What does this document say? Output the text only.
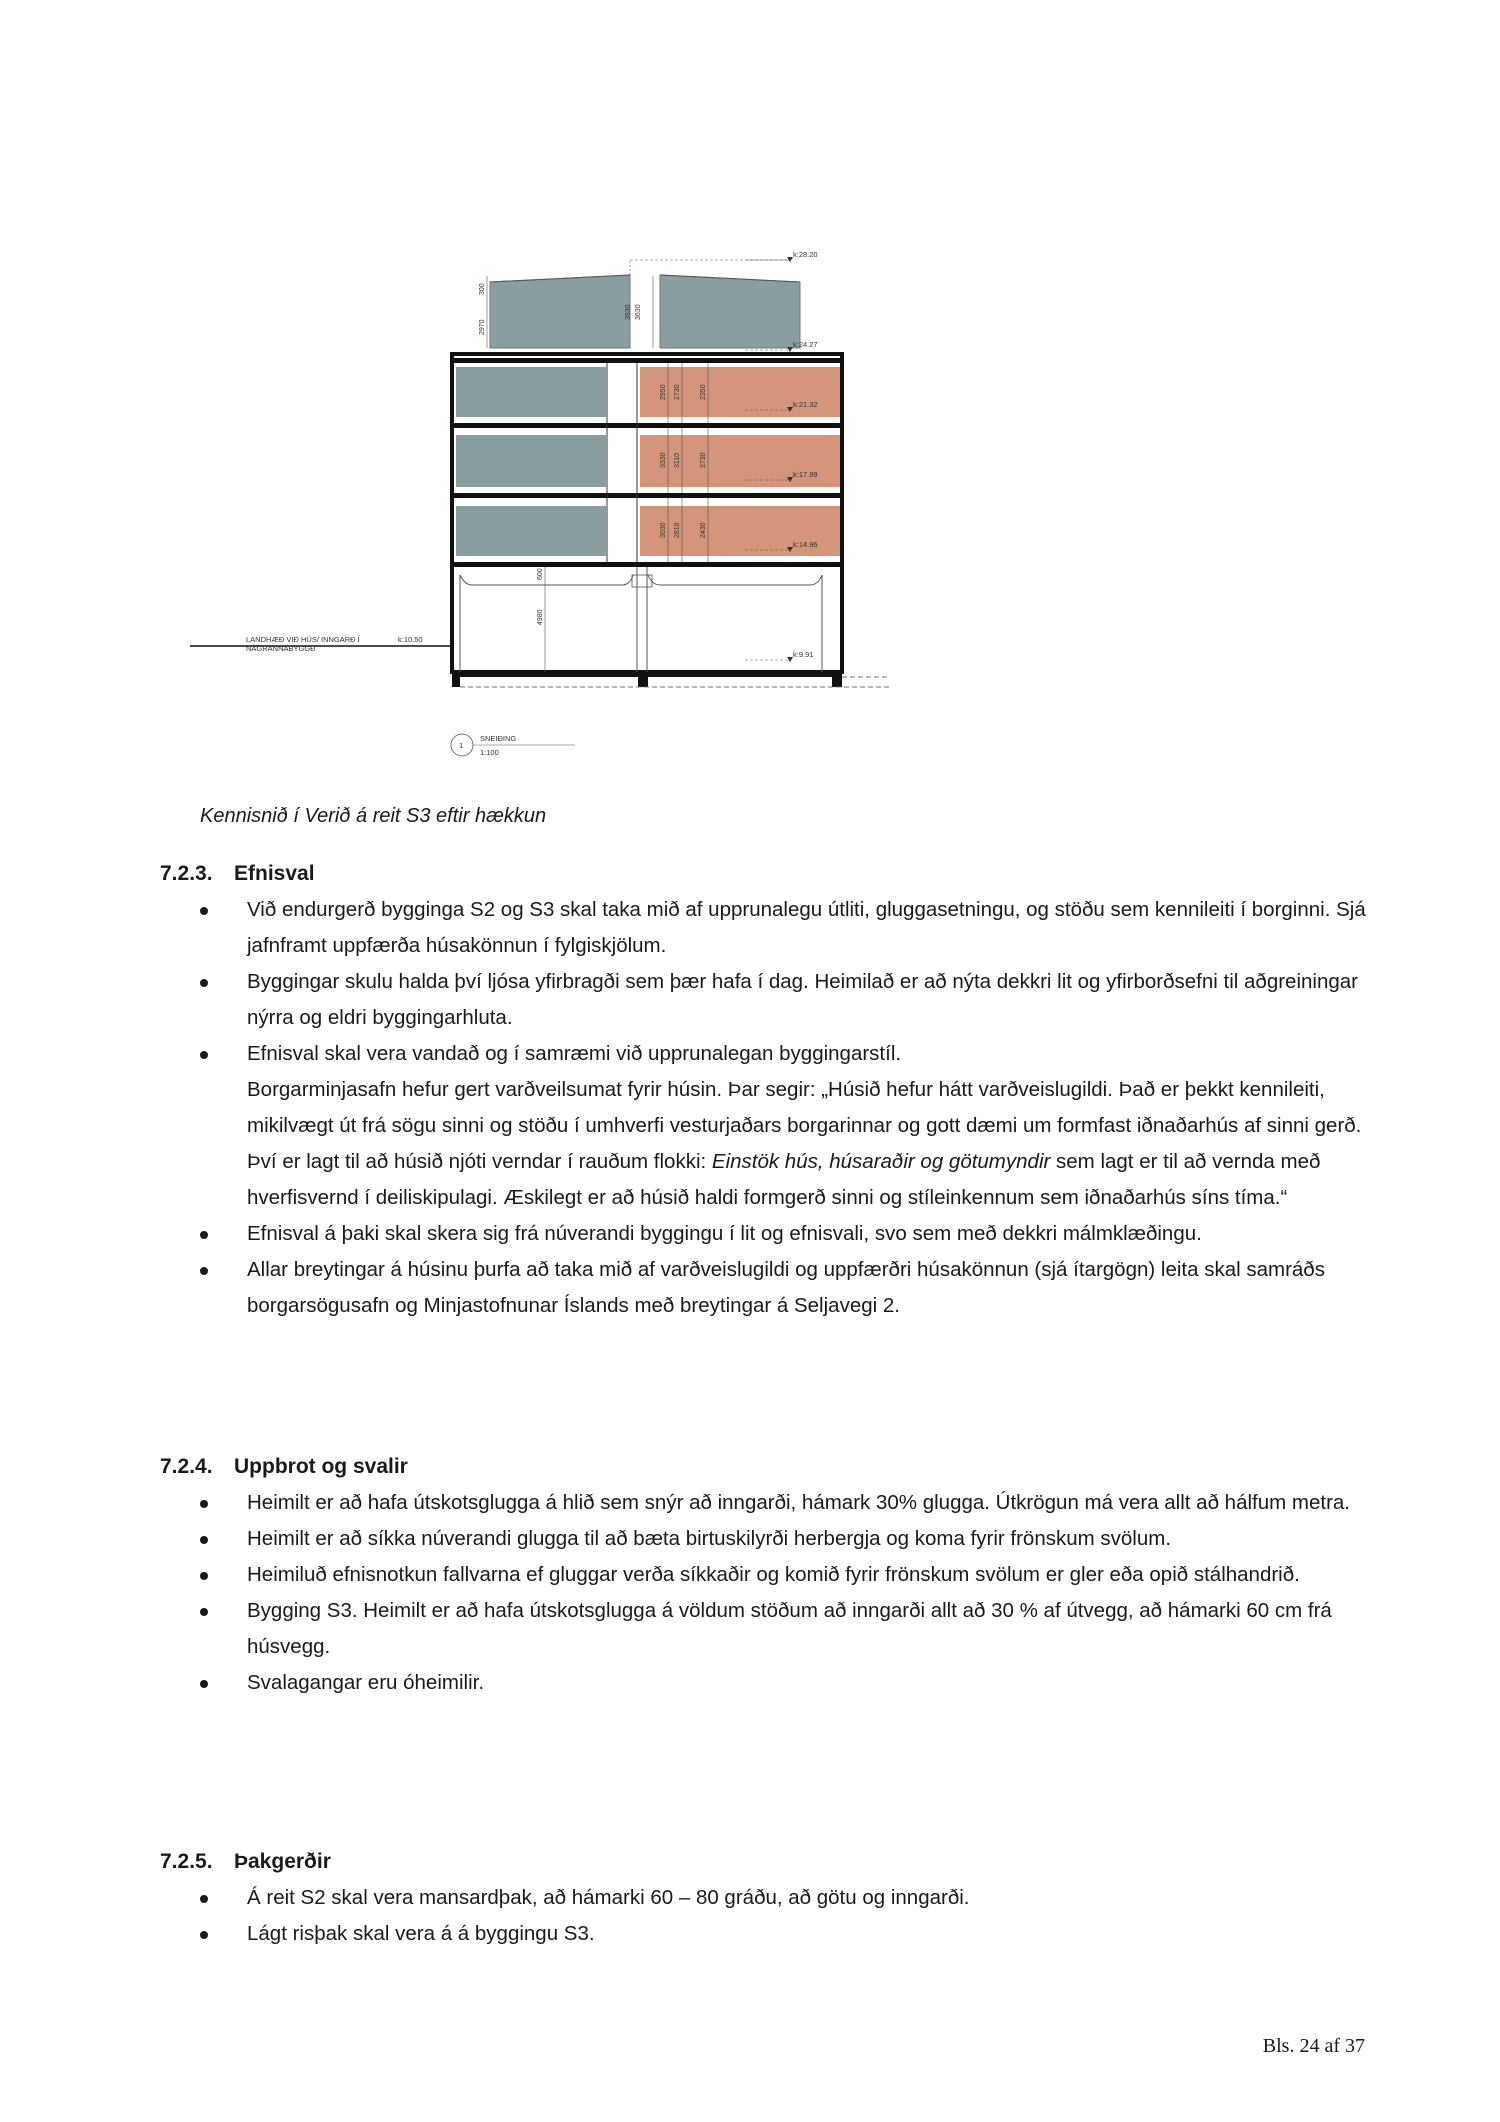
300
2970
3930 3630
2950 2730	2350
3330 3110	2730
3030 2810	2430
600
4980
k:28.20
k:24.27
k:21.32
k:17.99
k:14.96
k:9.91
LANDHÆÐ VIÐ HÚS/ INNGARÐ Í	k:10.50
NÁGRANNABYGGÐ
1
SNEIÐING
1:100
Kennisnið í Verið á reit S3 eftir hækkun
7.2.3. Efnisval
Við endurgerð bygginga S2 og S3 skal taka mið af upprunalegu útliti, gluggasetningu, og stöðu sem kennileiti í borginni. Sjá jafnframt uppfærða húsakönnun í fylgiskjölum.
Byggingar skulu halda því ljósa yfirbragði sem þær hafa í dag. Heimilað er að nýta dekkri lit og yfirborðsefni til aðgreiningar nýrra og eldri byggingarhluta.
Efnisval skal vera vandað og í samræmi við upprunalegan byggingarstíl.
Borgarminjasafn hefur gert varðveilsumat fyrir húsin. Þar segir: „Húsið hefur hátt varðveislugildi. Það er þekkt kennileiti, mikilvægt út frá sögu sinni og stöðu í umhverfi vesturjaðars borgarinnar og gott dæmi um formfast iðnaðarhús af sinni gerð. Því er lagt til að húsið njóti verndar í rauðum flokki: Einstök hús, húsaraðir og götumyndir sem lagt er til að vernda með hverfisvernd í deiliskipulagi. Æskilegt er að húsið haldi formgerð sinni og stíleinkennum sem iðnaðarhús síns tíma.“
Efnisval á þaki skal skera sig frá núverandi byggingu í lit og efnisvali, svo sem með dekkri málmklæðingu.
Allar breytingar á húsinu þurfa að taka mið af varðveislugildi og uppfærðri húsakönnun (sjá ítargögn) leita skal samráðs borgarsögusafn og Minjastofnunar Íslands með breytingar á Seljavegi 2.
7.2.4. Uppbrot og svalir
Heimilt er að hafa útskotsglugga á hlið sem snýr að inngarði, hámark 30% glugga. Útkrögun má vera allt að hálfum metra.
Heimilt er að síkka núverandi glugga til að bæta birtuskilyrði herbergja og koma fyrir frönskum svölum.
Heimiluð efnisnotkun fallvarna ef gluggar verða síkkaðir og komið fyrir frönskum svölum er gler eða opið stálhandrið.
Bygging S3. Heimilt er að hafa útskotsglugga á völdum stöðum að inngarði allt að 30 % af útvegg, að hámarki 60 cm frá húsvegg.
Svalagangar eru óheimilir.
7.2.5. Þakgerðir
Á reit S2 skal vera mansardþak, að hámarki 60 – 80 gráðu, að götu og inngarði.
Lágt risþak skal vera á á byggingu S3.
Bls. 24 af 37
